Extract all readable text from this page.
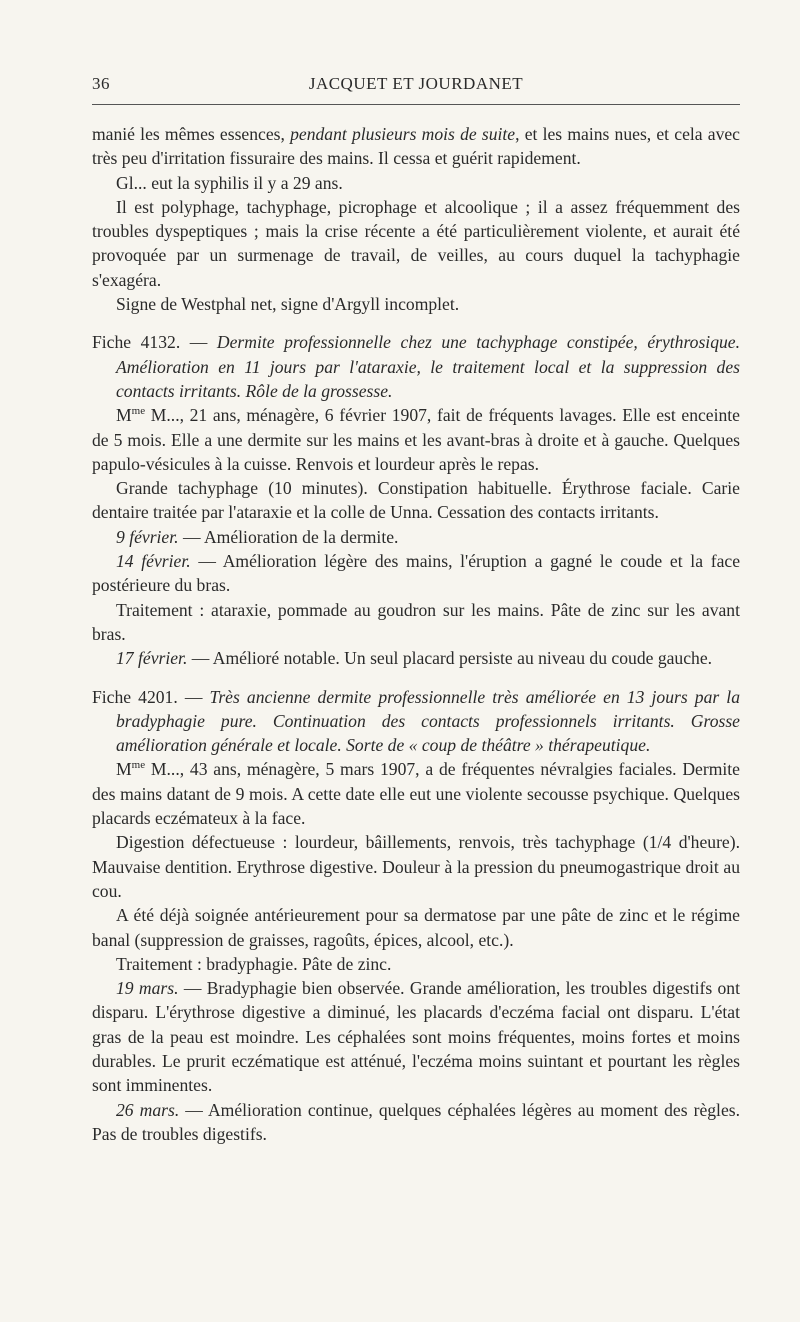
36	JACQUET ET JOURDANET

manié les mêmes essences, pendant plusieurs mois de suite, et les mains nues, et cela avec très peu d'irritation fissuraire des mains. Il cessa et guérit rapidement.

Gl... eut la syphilis il y a 29 ans.

Il est polyphage, tachyphage, picrophage et alcoolique ; il a assez fréquemment des troubles dyspeptiques ; mais la crise récente a été particulièrement violente, et aurait été provoquée par un surmenage de travail, de veilles, au cours duquel la tachyphagie s'exagéra.

Signe de Westphal net, signe d'Argyll incomplet.

Fiche 4132. — Dermite professionnelle chez une tachyphage constipée, érythrosique. Amélioration en 11 jours par l'ataraxie, le traitement local et la suppression des contacts irritants. Rôle de la grossesse.

$M^{me}$ M..., 21 ans, ménagère, 6 février 1907, fait de fréquents lavages. Elle est enceinte de 5 mois. Elle a une dermite sur les mains et les avant-bras à droite et à gauche. Quelques papulo-vésicules à la cuisse. Renvois et lourdeur après le repas.

Grande tachyphage (10 minutes). Constipation habituelle. Érythrose faciale. Carie dentaire traitée par l'ataraxie et la colle de Unna. Cessation des contacts irritants.

9 février. — Amélioration de la dermite.

14 février. — Amélioration légère des mains, l'éruption a gagné le coude et la face postérieure du bras.

Traitement : ataraxie, pommade au goudron sur les mains. Pâte de zinc sur les avant bras.

17 février. — Amélioré notable. Un seul placard persiste au niveau du coude gauche.

Fiche 4201. — Très ancienne dermite professionnelle très améliorée en 13 jours par la bradyphagie pure. Continuation des contacts professionnels irritants. Grosse amélioration générale et locale. Sorte de « coup de théâtre » thérapeutique.

$M^{me}$ M..., 43 ans, ménagère, 5 mars 1907, a de fréquentes névralgies faciales. Dermite des mains datant de 9 mois. A cette date elle eut une violente secousse psychique. Quelques placards eczémateux à la face.

Digestion défectueuse : lourdeur, bâillements, renvois, très tachyphage (1/4 d'heure). Mauvaise dentition. Erythrose digestive. Douleur à la pression du pneumogastrique droit au cou.

A été déjà soignée antérieurement pour sa dermatose par une pâte de zinc et le régime banal (suppression de graisses, ragoûts, épices, alcool, etc.).

Traitement : bradyphagie. Pâte de zinc.

19 mars. — Bradyphagie bien observée. Grande amélioration, les troubles digestifs ont disparu. L'érythrose digestive a diminué, les placards d'eczéma facial ont disparu. L'état gras de la peau est moindre. Les céphalées sont moins fréquentes, moins fortes et moins durables. Le prurit eczématique est atténué, l'eczéma moins suintant et pourtant les règles sont imminentes.

26 mars. — Amélioration continue, quelques céphalées légères au moment des règles. Pas de troubles digestifs.
